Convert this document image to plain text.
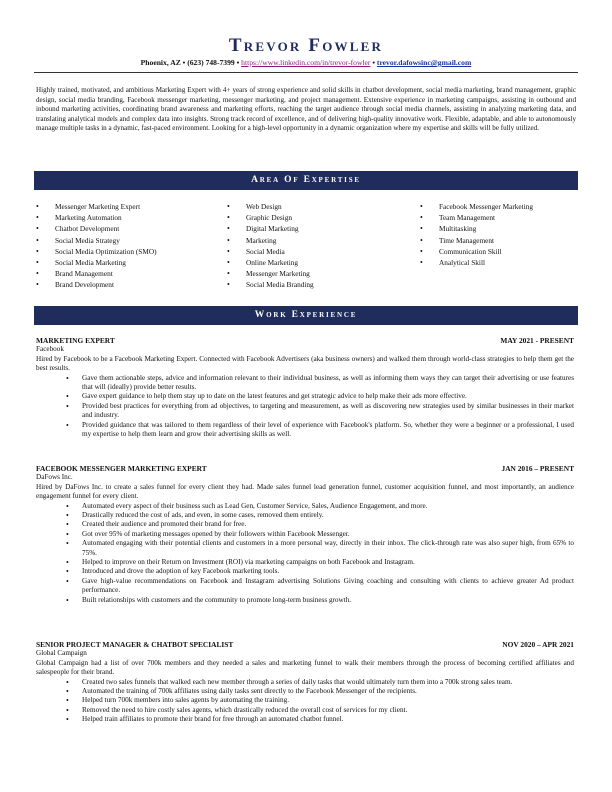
Trevor Fowler
Phoenix, AZ • (623) 748-7399 • https://www.linkedin.com/in/trevor-fowler • trevor.dafowsinc@gmail.com
Highly trained, motivated, and ambitious Marketing Expert with 4+ years of strong experience and solid skills in chatbot development, social media marketing, brand management, graphic design, social media branding, Facebook messenger marketing, messenger marketing, and project management. Extensive experience in marketing campaigns, assisting in outbound and inbound marketing activities, coordinating brand awareness and marketing efforts, reaching the target audience through social media channels, assisting in analyzing marketing data, and translating analytical models and complex data into insights. Strong track record of excellence, and of delivering high-quality innovative work. Flexible, adaptable, and able to autonomously manage multiple tasks in a dynamic, fast-paced environment. Looking for a high-level opportunity in a dynamic organization where my expertise and skills will be fully utilized.
Area Of Expertise
• Messenger Marketing Expert
• Marketing Automation
• Chatbot Development
• Social Media Strategy
• Social Media Optimization (SMO)
• Social Media Marketing
• Brand Management
• Brand Development
• Web Design
• Graphic Design
• Digital Marketing
• Marketing
• Social Media
• Online Marketing
• Messenger Marketing
• Social Media Branding
• Facebook Messenger Marketing
• Team Management
• Multitasking
• Time Management
• Communication Skill
• Analytical Skill
Work Experience
MARKETING EXPERT	MAY 2021 - PRESENT
Facebook
Hired by Facebook to be a Facebook Marketing Expert. Connected with Facebook Advertisers (aka business owners) and walked them through world-class strategies to help them get the best results.
• Gave them actionable steps, advice and information relevant to their individual business, as well as informing them ways they can target their advertising or use features that will (ideally) provide better results.
• Gave expert guidance to help them stay up to date on the latest features and get strategic advice to help make their ads more effective.
• Provided best practices for everything from ad objectives, to targeting and measurement, as well as discovering new strategies used by similar businesses in their market and industry.
• Provided guidance that was tailored to them regardless of their level of experience with Facebook's platform. So, whether they were a beginner or a professional, I used my expertise to help them learn and grow their advertising skills as well.
FACEBOOK MESSENGER MARKETING EXPERT	JAN 2016 – PRESENT
DaFows Inc.
Hired by DaFows Inc. to create a sales funnel for every client they had. Made sales funnel lead generation funnel, customer acquisition funnel, and most importantly, an audience engagement funnel for every client.
• Automated every aspect of their business such as Lead Gen, Customer Service, Sales, Audience Engagement, and more.
• Drastically reduced the cost of ads, and even, in some cases, removed them entirely.
• Created their audience and promoted their brand for free.
• Got over 95% of marketing messages opened by their followers within Facebook Messenger.
• Automated engaging with their potential clients and customers in a more personal way, directly in their inbox. The click-through rate was also super high, from 65% to 75%.
• Helped to improve on their Return on Investment (ROI) via marketing campaigns on both Facebook and Instagram.
• Introduced and drove the adoption of key Facebook marketing tools.
• Gave high-value recommendations on Facebook and Instagram advertising Solutions Giving coaching and consulting with clients to achieve greater Ad product performance.
• Built relationships with customers and the community to promote long-term business growth.
SENIOR PROJECT MANAGER & CHATBOT SPECIALIST	NOV 2020 – APR 2021
Global Campaign
Global Campaign had a list of over 700k members and they needed a sales and marketing funnel to walk their members through the process of becoming certified affiliates and salespeople for their brand.
• Created two sales funnels that walked each new member through a series of daily tasks that would ultimately turn them into a 700k strong sales team.
• Automated the training of 700k affiliates using daily tasks sent directly to the Facebook Messenger of the recipients.
• Helped turn 700k members into sales agents by automating the training.
• Removed the need to hire costly sales agents, which drastically reduced the overall cost of services for my client.
• Helped train affiliates to promote their brand for free through an automated chatbot funnel.
